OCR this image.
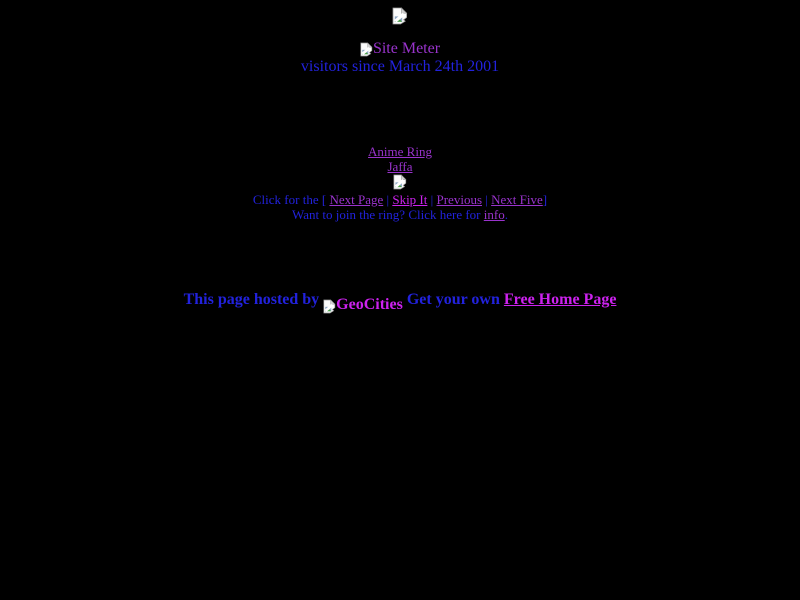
Site Meter
visitors since March 24th 2001
Anime Ring
Jaffa
Click for the [ Next Page | Skip It | Previous | Next Five]
Want to join the ring? Click here for info.
This page hosted by GeoCities Get your own Free Home Page
